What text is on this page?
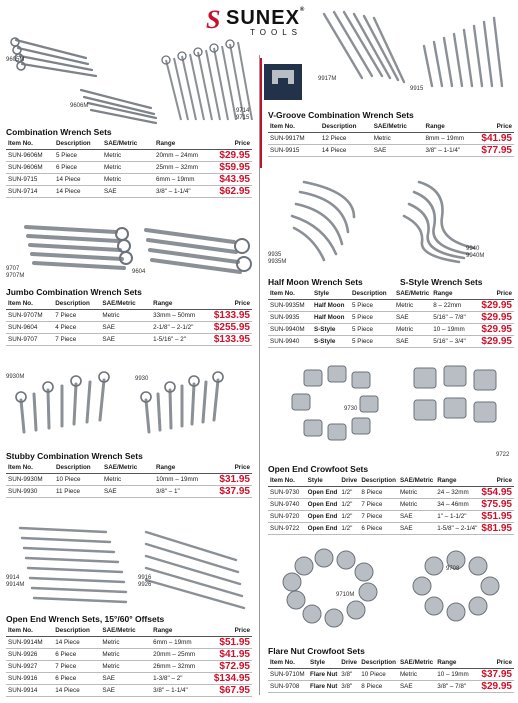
S SUNEX®
TOOLS
9605M
9606M
9714
9715
Combination Wrench Sets
Item No.	Description	SAE/Metric	Range	Price
SUN-9606M	5 Piece	Metric	20mm – 24mm	$29.95
SUN-9606M	6 Piece	Metric	25mm – 32mm	$59.95
SUN-9715	14 Piece	Metric	6mm – 19mm	$43.95
SUN-9714	14 Piece	SAE	3/8" – 1-1/4"	$62.95
9707
9707M
9604
Jumbo Combination Wrench Sets
Item No.	Description	SAE/Metric	Range	Price
SUN-9707M	7 Piece	Metric	33mm – 50mm	$133.95
SUN-9604	4 Piece	SAE	2-1/8" – 2-1/2"	$255.95
SUN-9707	7 Piece	SAE	1-5/16" – 2"	$133.95
9930M	9930
Stubby Combination Wrench Sets
Item No.	Description	SAE/Metric	Range	Price
SUN-9930M	10 Piece	Metric	10mm – 19mm	$31.95
SUN-9930	11 Piece	SAE	3/8" – 1"	$37.95
9914
9914M
9916
9926
Open End Wrench Sets, 15°/60° Offsets
Item No.	Description	SAE/Metric	Range	Price
SUN-9914M	14 Piece	Metric	6mm – 19mm	$51.95
SUN-9926	6 Piece	Metric	20mm – 25mm	$41.95
SUN-9927	7 Piece	Metric	26mm – 32mm	$72.95
SUN-9916	6 Piece	SAE	1-3/8" – 2"	$134.95
SUN-9914	14 Piece	SAE	3/8" – 1-1/4"	$67.95
9917M
9915
V-Groove Combination Wrench Sets
Item No.	Description	SAE/Metric	Range	Price
SUN-9917M	12 Piece	Metric	8mm – 19mm	$41.95
SUN-9915	14 Piece	SAE	3/8" – 1-1/4"	$77.95
9935
9935M
9940
9940M
Half Moon Wrench Sets	S-Style Wrench Sets
Item No.	Style	Description	SAE/Metric	Range	Price
SUN-9935M	Half Moon	5 Piece	Metric	8 – 22mm	$29.95
SUN-9935	Half Moon	5 Piece	SAE	5/16" – 7/8"	$29.95
SUN-9940M	S-Style	5 Piece	Metric	10 – 19mm	$29.95
SUN-9940	S-Style	5 Piece	SAE	5/16" – 3/4"	$29.95
9730
9722
Open End Crowfoot Sets
Item No.	Style	Drive	Description	SAE/Metric	Range	Price
SUN-9730	Open End	1/2"	8 Piece	Metric	24 – 32mm	$54.95
SUN-9740	Open End	1/2"	7 Piece	Metric	34 – 46mm	$75.95
SUN-9720	Open End	1/2"	7 Piece	SAE	1" – 1-1/2"	$51.95
SUN-9722	Open End	1/2"	6 Piece	SAE	1-5/8" – 2-1/4"	$81.95
9710M
9708
Flare Nut Crowfoot Sets
Item No.	Style	Drive	Description	SAE/Metric	Range	Price
SUN-9710M	Flare Nut	3/8"	10 Piece	Metric	10 – 19mm	$37.95
SUN-9708	Flare Nut	3/8"	8 Piece	SAE	3/8" – 7/8"	$29.95
